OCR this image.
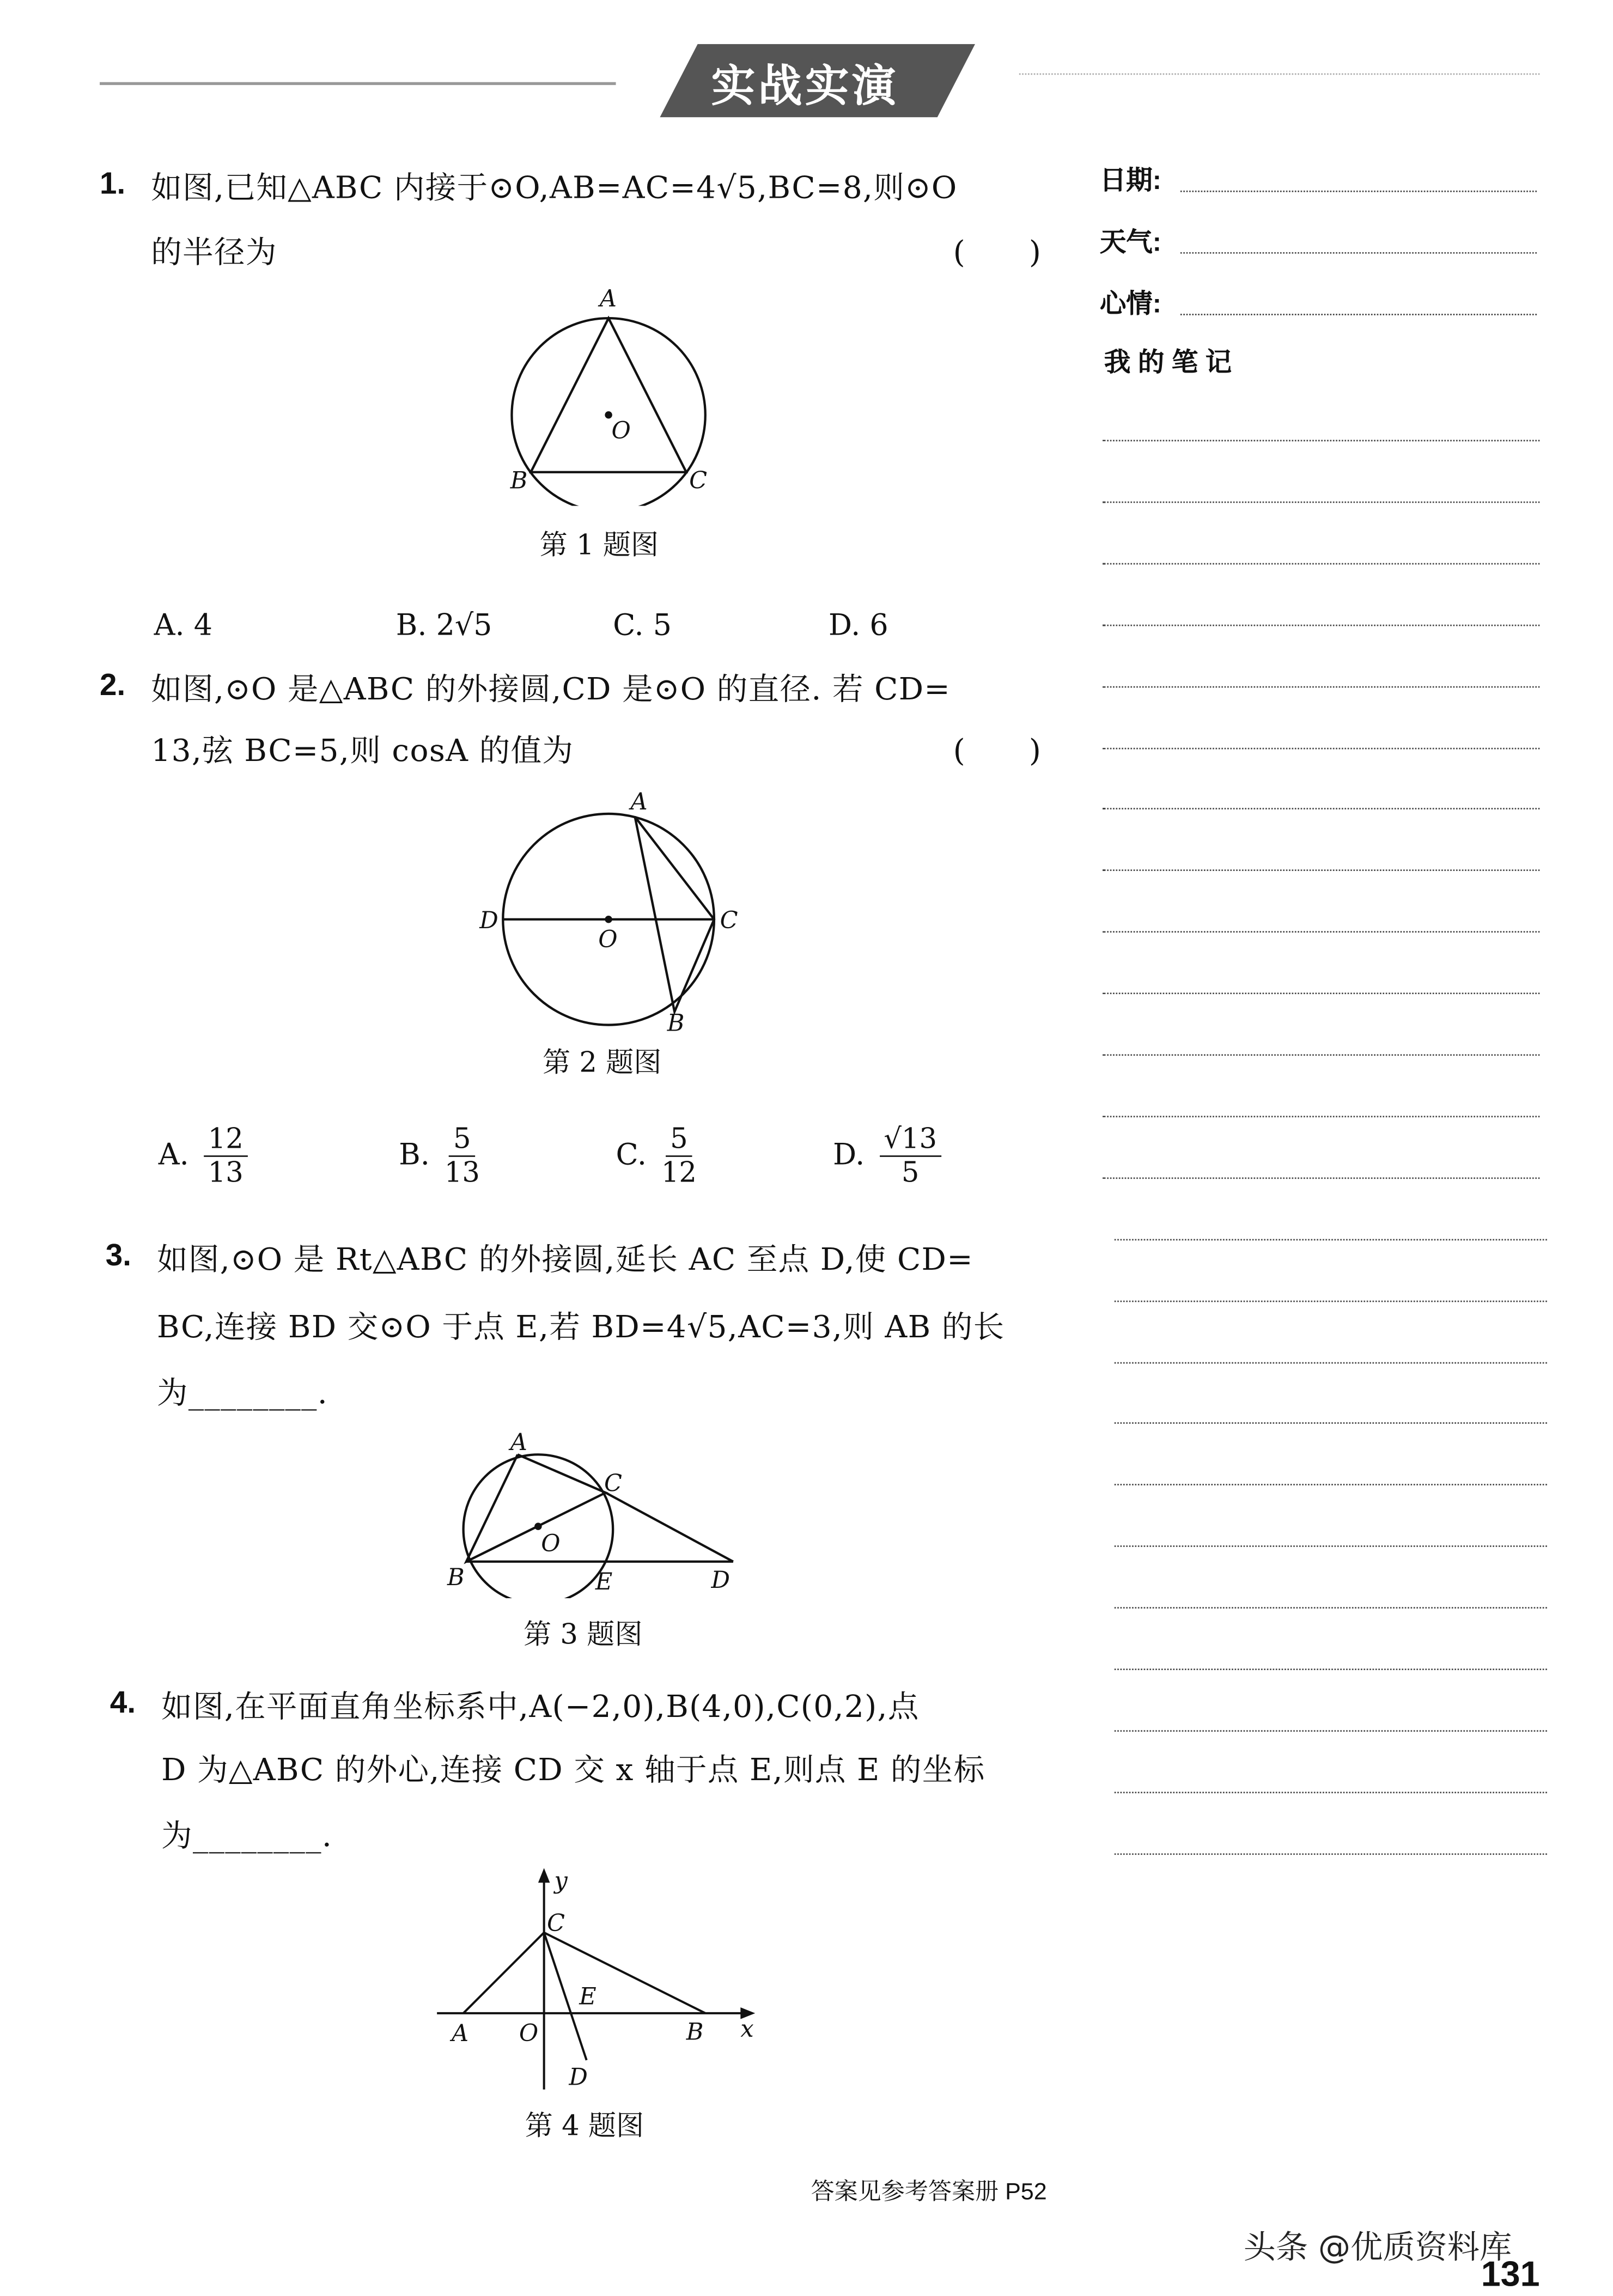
实战实演
1. 如图,已知△ABC 内接于⊙O,AB=AC=4√5,BC=8,则⊙O
的半径为	(　　)
A
B	C
O
第 1 题图
A. 4	B. 2√5	C. 5	D. 6
2. 如图,⊙O 是△ABC 的外接圆,CD 是⊙O 的直径. 若 CD=
13,弦 BC=5,则 cosA 的值为	(　　)
A
B
C
D
O
第 2 题图
A. $\frac{12}{13}$	B. $\frac{5}{13}$	C. $\frac{5}{12}$	D. $\frac{√13}{5}$
3. 如图,⊙O 是 Rt△ABC 的外接圆,延长 AC 至点 D,使 CD=
BC,连接 BD 交⊙O 于点 E,若 BD=4√5,AC=3,则 AB 的长
为________.
A
B
C
D
E
O
第 3 题图
4. 如图,在平面直角坐标系中,A(−2,0),B(4,0),C(0,2),点
D 为△ABC 的外心,连接 CD 交 x 轴于点 E,则点 E 的坐标
为________.
y
C
E
A	O	B	x
D
第 4 题图
日期:
天气:
心情:
我 的 笔 记
答案见参考答案册 P52
头条 @优质资料库
131
